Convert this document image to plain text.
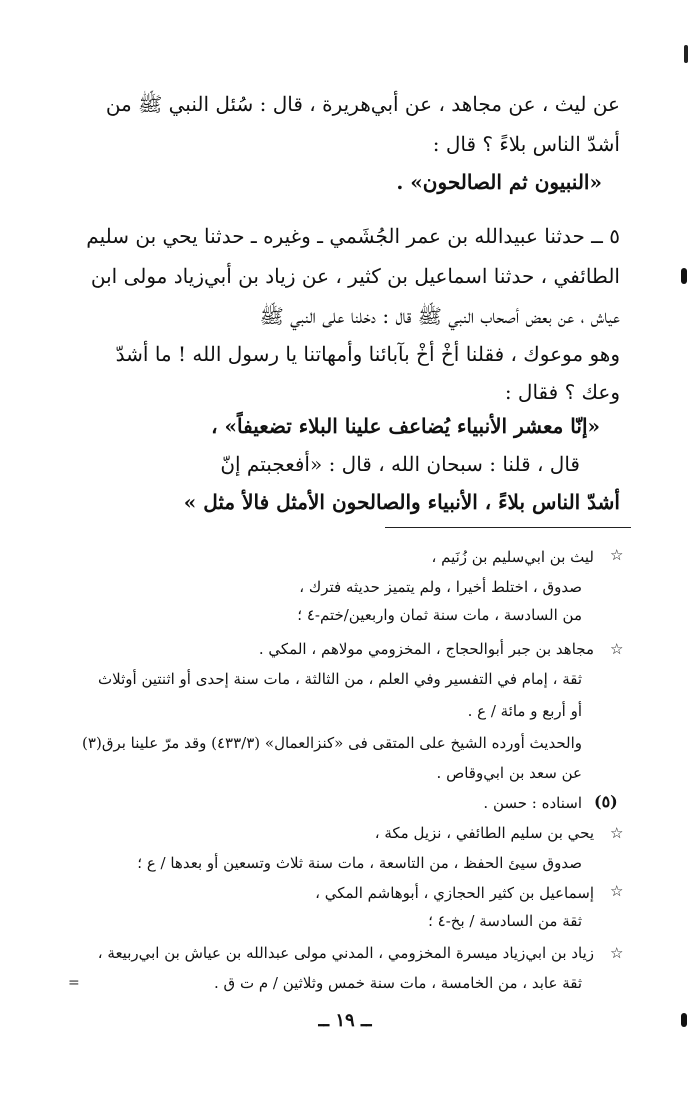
عن ليث ، عن مجاهد ، عن أبي‌هريرة ، قال : سُئل النبي ﷺ من
أشدّ الناس بلاءً ؟ قال :
«النبيون ثم الصالحون» .
٥ ــ حدثنا عبيدالله بن عمر الجُشَمي ـ وغيره ـ حدثنا يحي بن سليم
الطائفي ، حدثنا اسماعيل بن كثير ، عن زياد بن أبي‌زياد مولى ابن
عياش ، عن بعض أصحاب النبي ﷺ قال : دخلنا على النبي ﷺ
وهو موعوك ، فقلنا أخْ أخْ بآبائنا وأمهاتنا يا رسول الله ! ما أشدّ
وعك ؟ فقال :
«إنّا معشر الأنبياء يُضاعف علينا البلاء تضعيفاً» ،
قال ، قلنا : سبحان الله ، قال : «أفعجبتم إنّ
أشدّ الناس بلاءً ، الأنبياء والصالحون الأمثل فالأ مثل »
☆
☆
(٥)
☆
☆
☆
ليث بن ابي‌سليم بن زُنَيم ،
صدوق ، اختلط أخيرا ، ولم يتميز حديثه فترك ،
من السادسة ، مات سنة ثمان واربعين/ختم-٤ ؛
مجاهد بن جبر أبوالحجاج ، المخزومي مولاهم ، المكي .
ثقة ، إمام في التفسير وفي العلم ، من الثالثة ، مات سنة إحدى أو اثنتين أوثلاث
أو أربع و مائة / ع .
والحديث أورده الشيخ على المتقى فى «كنزالعمال» (٤٣٣/٣) وقد مرّ علينا برق(٣)
عن سعد بن ابي‌وقاص .
اسناده : حسن .
يحي بن سليم الطائفي ، نزيل مكة ،
صدوق سيئ الحفظ ، من التاسعة ، مات سنة ثلاث وتسعين أو بعدها / ع ؛
إسماعيل بن كثير الحجازي ، أبوهاشم المكي ،
ثقة من السادسة / بخ-٤ ؛
زياد بن ابي‌زياد ميسرة المخزومي ، المدني مولى عبدالله بن عياش بن ابي‌ربيعة ،
ثقة عابد ، من الخامسة ، مات سنة خمس وثلاثين / م ت ق .
=
ــ ١٩ ــ
